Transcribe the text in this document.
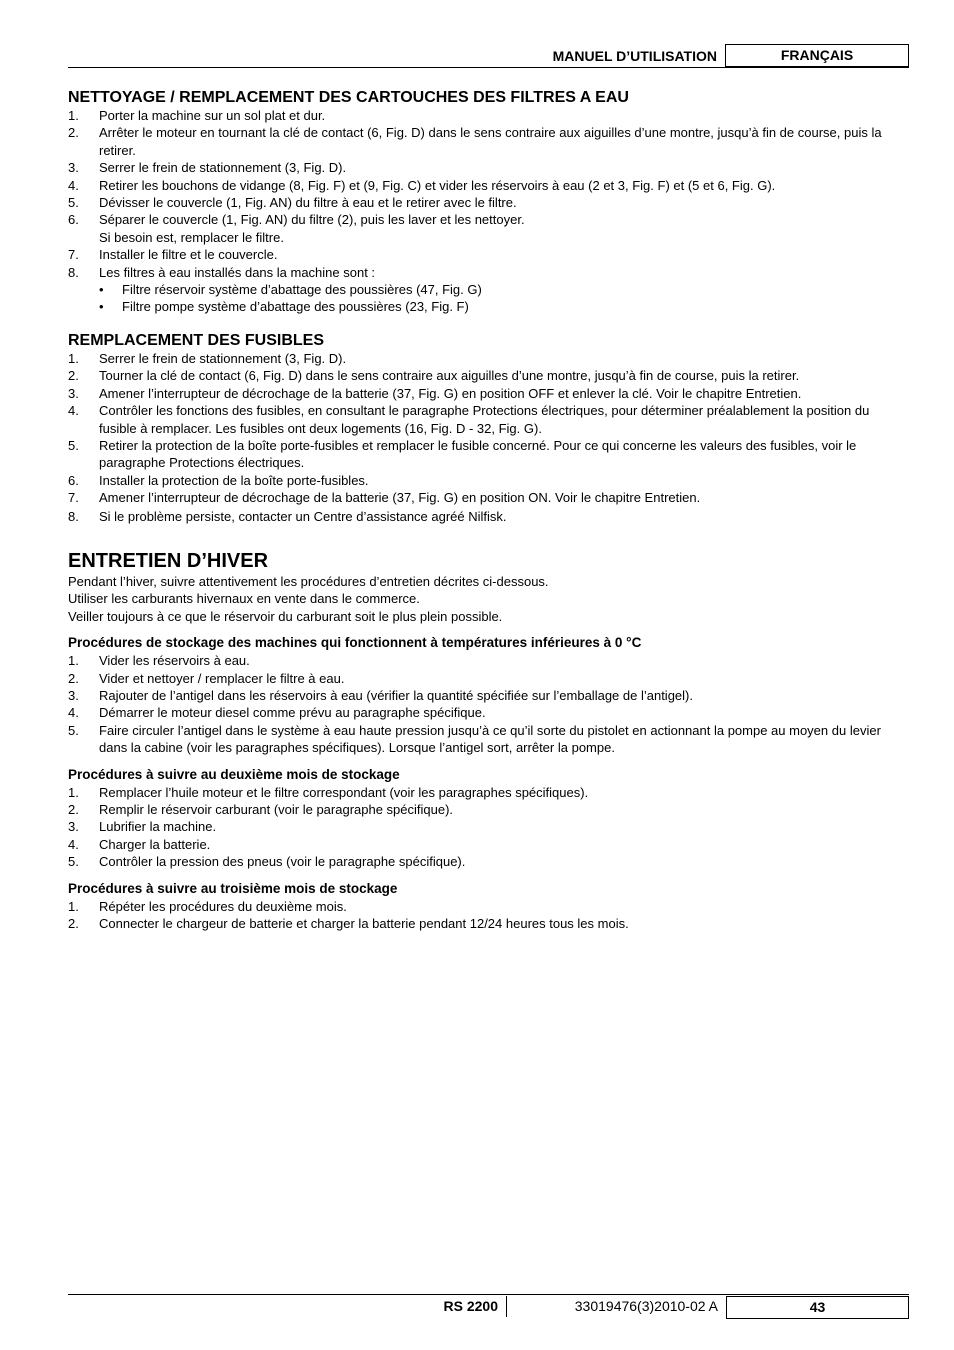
MANUEL D’UTILISATION	FRANÇAIS
NETTOYAGE / REMPLACEMENT DES CARTOUCHES DES FILTRES A EAU
1.	Porter la machine sur un sol plat et dur.
2.	Arrêter le moteur en tournant la clé de contact (6, Fig. D) dans le sens contraire aux aiguilles d’une montre, jusqu’à fin de course, puis la retirer.
3.	Serrer le frein de stationnement (3, Fig. D).
4.	Retirer les bouchons de vidange (8, Fig. F) et (9, Fig. C) et vider les réservoirs à eau (2 et 3, Fig. F) et (5 et 6, Fig. G).
5.	Dévisser le couvercle (1, Fig. AN) du filtre à eau et le retirer avec le filtre.
6.	Séparer le couvercle (1, Fig. AN) du filtre (2), puis les laver et les nettoyer.
Si besoin est, remplacer le filtre.
7.	Installer le filtre et le couvercle.
8.	Les filtres à eau installés dans la machine sont :
•	Filtre réservoir système d’abattage des poussières (47, Fig. G)
•	Filtre pompe système d’abattage des poussières (23, Fig. F)
REMPLACEMENT DES FUSIBLES
1.	Serrer le frein de stationnement (3, Fig. D).
2.	Tourner la clé de contact (6, Fig. D) dans le sens contraire aux aiguilles d’une montre, jusqu’à fin de course, puis la retirer.
3.	Amener l’interrupteur de décrochage de la batterie (37, Fig. G) en position OFF et enlever la clé. Voir le chapitre Entretien.
4.	Contrôler les fonctions des fusibles, en consultant le paragraphe Protections électriques, pour déterminer préalablement la position du fusible à remplacer. Les fusibles ont deux logements (16, Fig. D - 32, Fig. G).
5.	Retirer la protection de la boîte porte-fusibles et remplacer le fusible concerné. Pour ce qui concerne les valeurs des fusibles, voir le paragraphe Protections électriques.
6.	Installer la protection de la boîte porte-fusibles.
7.	Amener l’interrupteur de décrochage de la batterie (37, Fig. G) en position ON. Voir le chapitre Entretien.
8.	Si le problème persiste, contacter un Centre d’assistance agréé Nilfisk.
ENTRETIEN D’HIVER

Pendant l’hiver, suivre attentivement les procédures d’entretien décrites ci-dessous.

Utiliser les carburants hivernaux en vente dans le commerce.

Veiller toujours à ce que le réservoir du carburant soit le plus plein possible.

Procédures de stockage des machines qui fonctionnent à températures inférieures à 0 °C
1.	Vider les réservoirs à eau.
2.	Vider et nettoyer / remplacer le filtre à eau.
3.	Rajouter de l’antigel dans les réservoirs à eau (vérifier la quantité spécifiée sur l’emballage de l’antigel).
4.	Démarrer le moteur diesel comme prévu au paragraphe spécifique.
5.	Faire circuler l’antigel dans le système à eau haute pression jusqu’à ce qu’il sorte du pistolet en actionnant la pompe au moyen du levier dans la cabine (voir les paragraphes spécifiques). Lorsque l’antigel sort, arrêter la pompe.
Procédures à suivre au deuxième mois de stockage
1.	Remplacer l’huile moteur et le filtre correspondant (voir les paragraphes spécifiques).
2.	Remplir le réservoir carburant (voir le paragraphe spécifique).
3.	Lubrifier la machine.
4.	Charger la batterie.
5.	Contrôler la pression des pneus (voir le paragraphe spécifique).
Procédures à suivre au troisième mois de stockage
1.	Répéter les procédures du deuxième mois.
2.	Connecter le chargeur de batterie et charger la batterie pendant 12/24 heures tous les mois.
RS 2200	33019476(3)2010-02 A	43
